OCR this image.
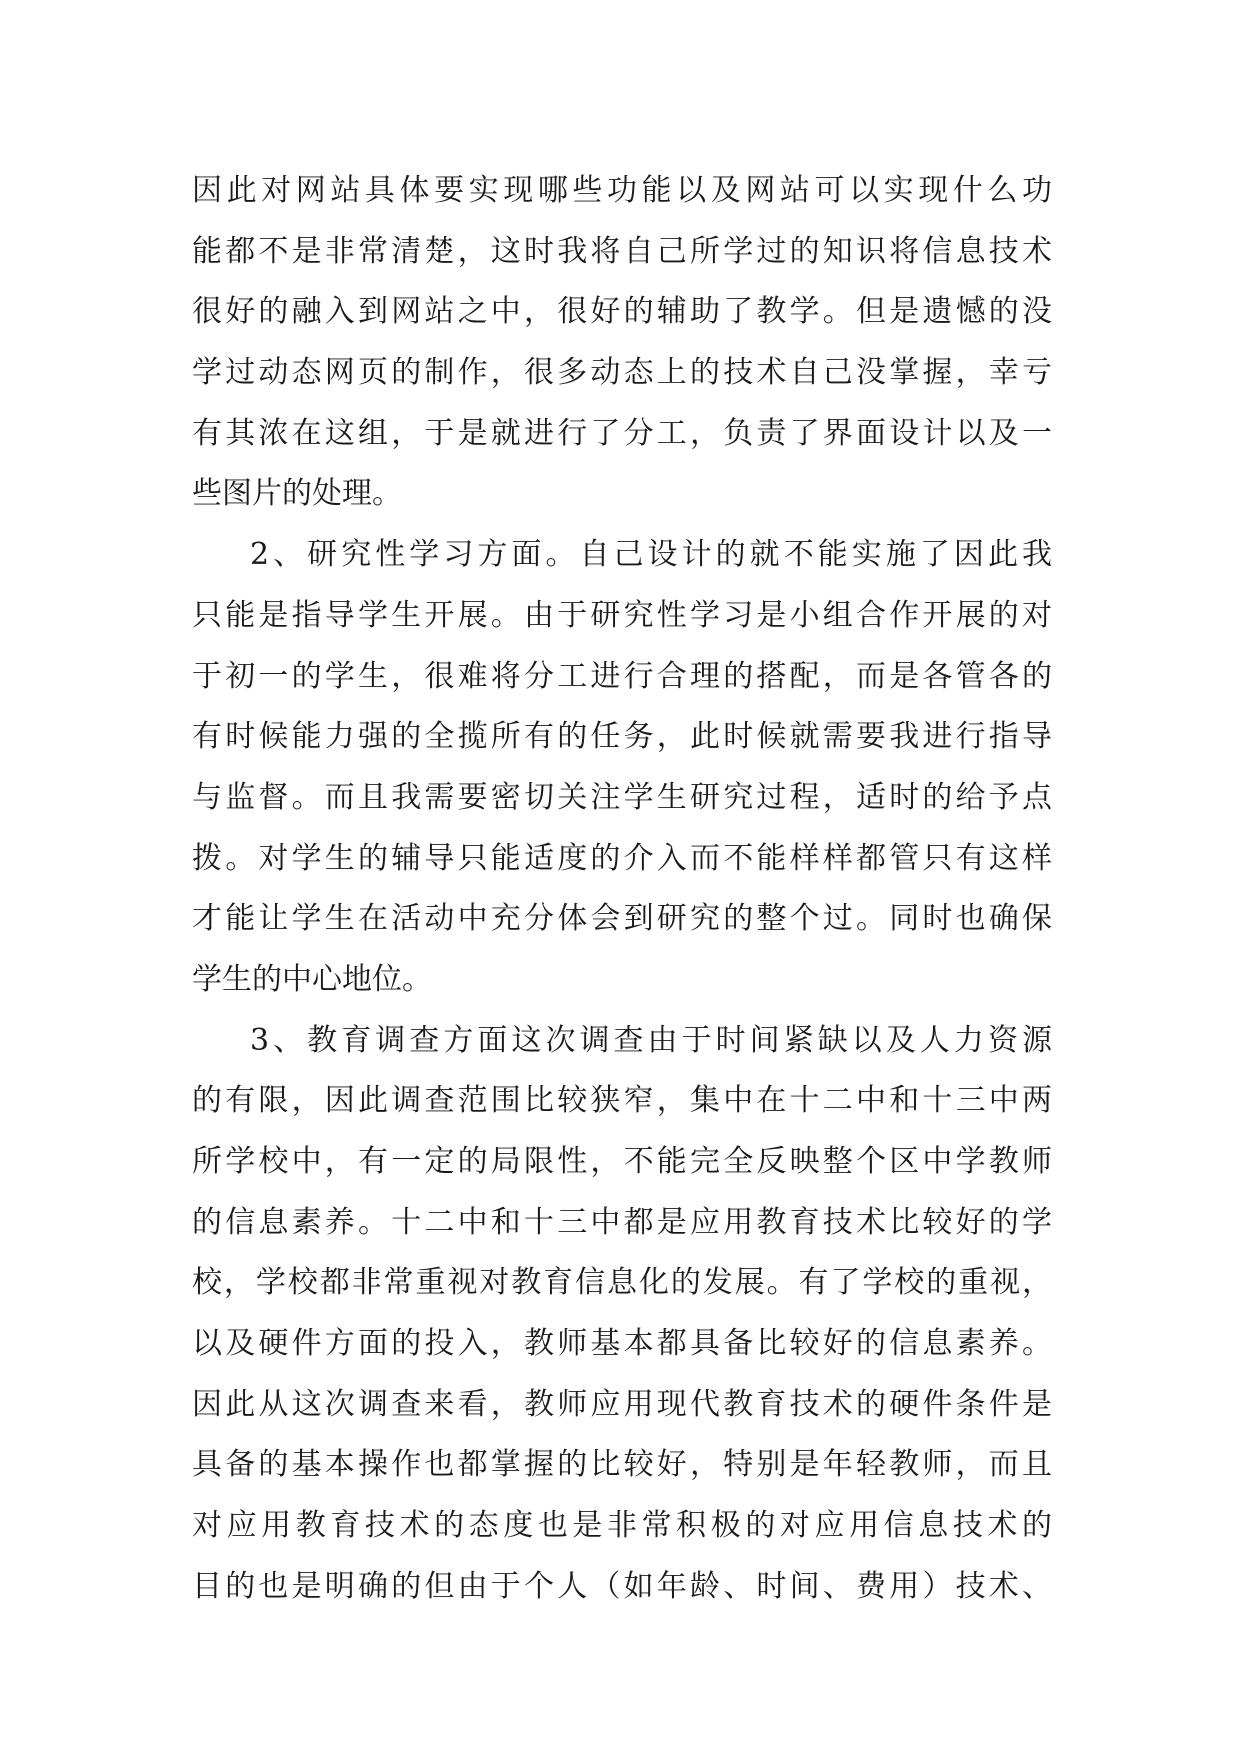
因此对网站具体要实现哪些功能以及网站可以实现什么功
能都不是非常清楚，这时我将自己所学过的知识将信息技术
很好的融入到网站之中，很好的辅助了教学。但是遗憾的没
学过动态网页的制作，很多动态上的技术自己没掌握，幸亏
有其浓在这组，于是就进行了分工，负责了界面设计以及一
些图片的处理。
2、研究性学习方面。自己设计的就不能实施了因此我
只能是指导学生开展。由于研究性学习是小组合作开展的对
于初一的学生，很难将分工进行合理的搭配，而是各管各的
有时候能力强的全揽所有的任务，此时候就需要我进行指导
与监督。而且我需要密切关注学生研究过程，适时的给予点
拨。对学生的辅导只能适度的介入而不能样样都管只有这样
才能让学生在活动中充分体会到研究的整个过。同时也确保
学生的中心地位。
3、教育调查方面这次调查由于时间紧缺以及人力资源
的有限，因此调查范围比较狭窄，集中在十二中和十三中两
所学校中，有一定的局限性，不能完全反映整个区中学教师
的信息素养。十二中和十三中都是应用教育技术比较好的学
校，学校都非常重视对教育信息化的发展。有了学校的重视，
以及硬件方面的投入，教师基本都具备比较好的信息素养。
因此从这次调查来看，教师应用现代教育技术的硬件条件是
具备的基本操作也都掌握的比较好，特别是年轻教师，而且
对应用教育技术的态度也是非常积极的对应用信息技术的
目的也是明确的但由于个人（如年龄、时间、费用）技术、
